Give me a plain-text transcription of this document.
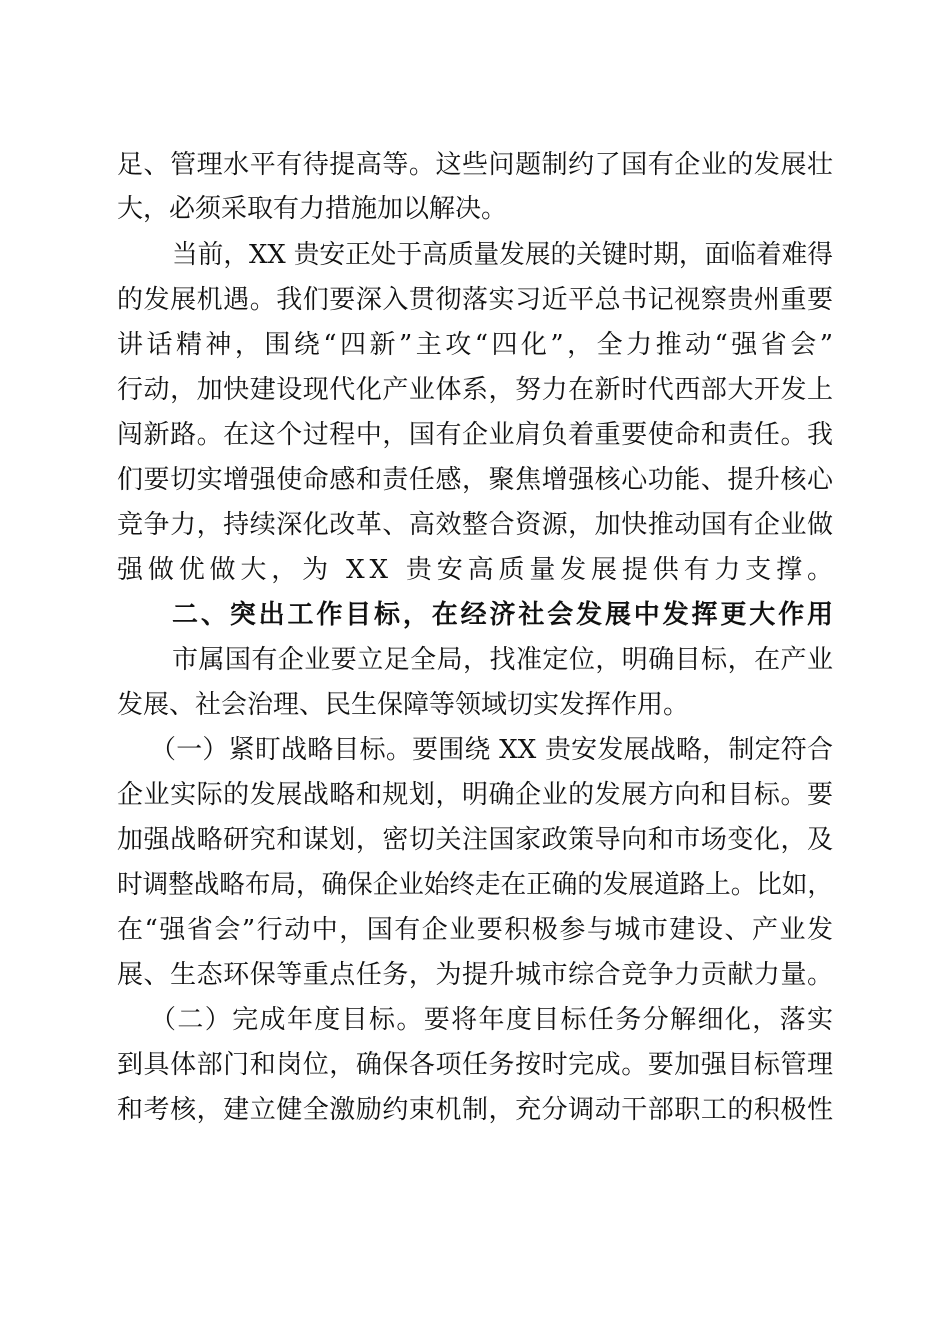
足、管理水平有待提高等。这些问题制约了国有企业的发展壮
大，必须采取有力措施加以解决。
当前，XX 贵安正处于高质量发展的关键时期，面临着难得
的发展机遇。我们要深入贯彻落实习近平总书记视察贵州重要
讲话精神，围绕“四新”主攻“四化”，全力推动“强省会”
行动，加快建设现代化产业体系，努力在新时代西部大开发上
闯新路。在这个过程中，国有企业肩负着重要使命和责任。我
们要切实增强使命感和责任感，聚焦增强核心功能、提升核心
竞争力，持续深化改革、高效整合资源，加快推动国有企业做
强做优做大，为 XX 贵安高质量发展提供有力支撑。
二、突出工作目标，在经济社会发展中发挥更大作用
市属国有企业要立足全局，找准定位，明确目标，在产业
发展、社会治理、民生保障等领域切实发挥作用。
（一）紧盯战略目标。要围绕 XX 贵安发展战略，制定符合
企业实际的发展战略和规划，明确企业的发展方向和目标。要
加强战略研究和谋划，密切关注国家政策导向和市场变化，及
时调整战略布局，确保企业始终走在正确的发展道路上。比如，
在“强省会”行动中，国有企业要积极参与城市建设、产业发
展、生态环保等重点任务，为提升城市综合竞争力贡献力量。
（二）完成年度目标。要将年度目标任务分解细化，落实
到具体部门和岗位，确保各项任务按时完成。要加强目标管理
和考核，建立健全激励约束机制，充分调动干部职工的积极性
